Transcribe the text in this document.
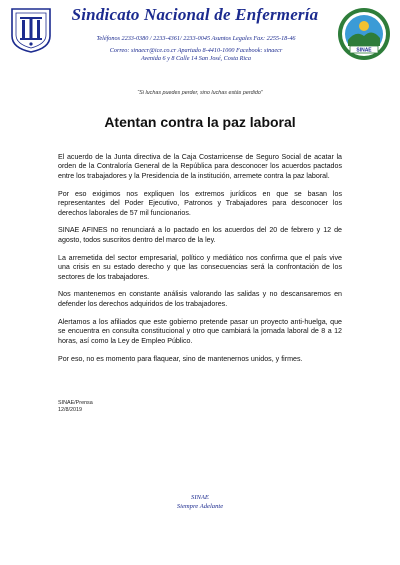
Sindicato Nacional de Enfermería
Teléfonos 2233-0380 / 2233-4361/ 2233-0045 Asuntos Legales Fax: 2255-18-46
Correo: sinaecr@ice.co.cr Apartado 8-4410-1000 Facebook: sinaecr
Avenida 6 y 8 Calle 14 San José, Costa Rica
SINAE
“Si luchas puedes perder, sino luchas estás perdido”
Atentan contra la paz laboral

El acuerdo de la Junta directiva de la Caja Costarricense de Seguro Social de acatar la orden de la Contraloría General de la República para desconocer los acuerdos pactados entre los trabajadores y la Presidencia de la institución, arremete contra la paz laboral.

Por eso exigimos nos expliquen los extremos jurídicos en que se basan los representantes del Poder Ejecutivo, Patronos y Trabajadores para desconocer los derechos laborales de 57 mil funcionarios.

SINAE AFINES no renunciará a lo pactado en los acuerdos del 20 de febrero y 12 de agosto, todos suscritos dentro del marco de la ley.

La arremetida del sector empresarial, político y mediático nos confirma que el país vive una crisis en su estado derecho y que las consecuencias será la confrontación de los sectores de los trabajadores.

Nos mantenemos en constante análisis valorando las salidas y no descansaremos en defender los derechos adquiridos de los trabajadores.

Alertamos a los afiliados que este gobierno pretende pasar un proyecto anti-huelga, que se encuentra en consulta constitucional y otro que cambiará la jornada laboral de 8 a 12 horas, así como la Ley de Empleo Público.

Por eso, no es momento para flaquear, sino de mantenernos unidos, y firmes.

SINAE/Prensa
12/8/2019
SINAE
Siempre Adelante
